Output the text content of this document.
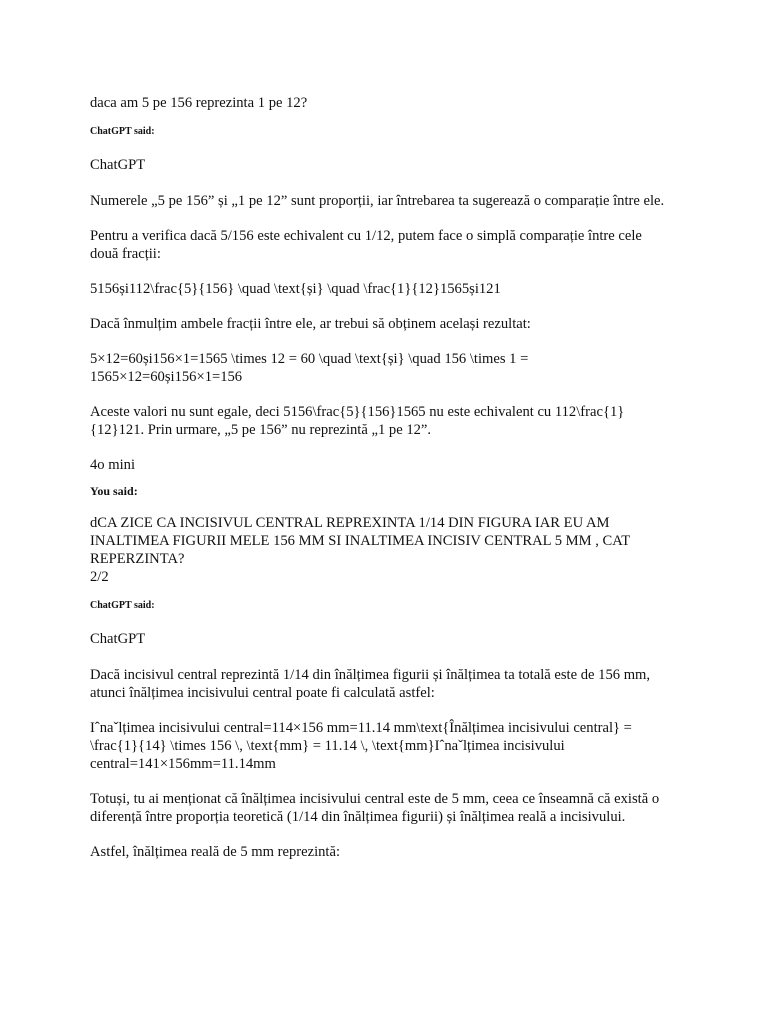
daca am 5 pe 156 reprezinta 1 pe 12?

ChatGPT said:

ChatGPT

Numerele „5 pe 156” și „1 pe 12” sunt proporții, iar întrebarea ta sugerează o comparație între ele.

Pentru a verifica dacă 5/156 este echivalent cu 1/12, putem face o simplă comparație între cele două fracții:

5156și112\frac{5}{156} \quad \text{și} \quad \frac{1}{12}1565și121

Dacă înmulțim ambele fracții între ele, ar trebui să obținem același rezultat:

5×12=60și156×1=1565 \times 12 = 60 \quad \text{și} \quad 156 \times 1 = 1565×12=60și156×1=156

Aceste valori nu sunt egale, deci 5156\frac{5}{156}1565 nu este echivalent cu 112\frac{1}{12}121. Prin urmare, „5 pe 156” nu reprezintă „1 pe 12”.

4o mini

You said:

dCA ZICE CA INCISIVUL CENTRAL REPREXINTA 1/14 DIN FIGURA IAR EU AM INALTIMEA FIGURII MELE 156 MM SI INALTIMEA INCISIV CENTRAL 5 MM , CAT REPERZINTA?

2/2

ChatGPT said:

ChatGPT

Dacă incisivul central reprezintă 1/14 din înălțimea figurii și înălțimea ta totală este de 156 mm, atunci înălțimea incisivului central poate fi calculată astfel:

Iˆnaˇlțimea incisivului central=114×156 mm=11.14 mm\text{Înălțimea incisivului central} = \frac{1}{14} \times 156 \, \text{mm} = 11.14 \, \text{mm}Iˆnaˇlțimea incisivului central=141×156mm=11.14mm

Totuși, tu ai menționat că înălțimea incisivului central este de 5 mm, ceea ce înseamnă că există o diferență între proporția teoretică (1/14 din înălțimea figurii) și înălțimea reală a incisivului.

Astfel, înălțimea reală de 5 mm reprezintă:
